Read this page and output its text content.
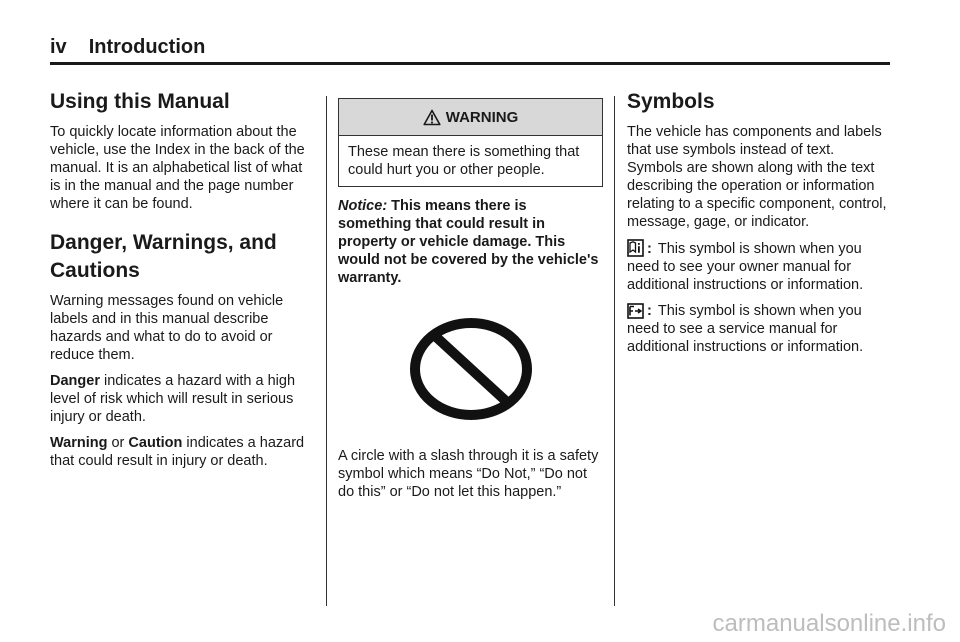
iv Introduction
Using this Manual

To quickly locate information about the vehicle, use the Index in the back of the manual. It is an alphabetical list of what is in the manual and the page number where it can be found.

Danger, Warnings, and Cautions

Warning messages found on vehicle labels and in this manual describe hazards and what to do to avoid or reduce them.

Danger indicates a hazard with a high level of risk which will result in serious injury or death.

Warning or Caution indicates a hazard that could result in injury or death.

WARNING
These mean there is something that could hurt you or other people.

Notice: This means there is something that could result in property or vehicle damage. This would not be covered by the vehicle's warranty.

A circle with a slash through it is a safety symbol which means “Do Not,” “Do not do this” or “Do not let this happen.”

Symbols

The vehicle has components and labels that use symbols instead of text. Symbols are shown along with the text describing the operation or information relating to a specific component, control, message, gage, or indicator.

: This symbol is shown when you need to see your owner manual for additional instructions or information.

: This symbol is shown when you need to see a service manual for additional instructions or information.

carmanualsonline.info
